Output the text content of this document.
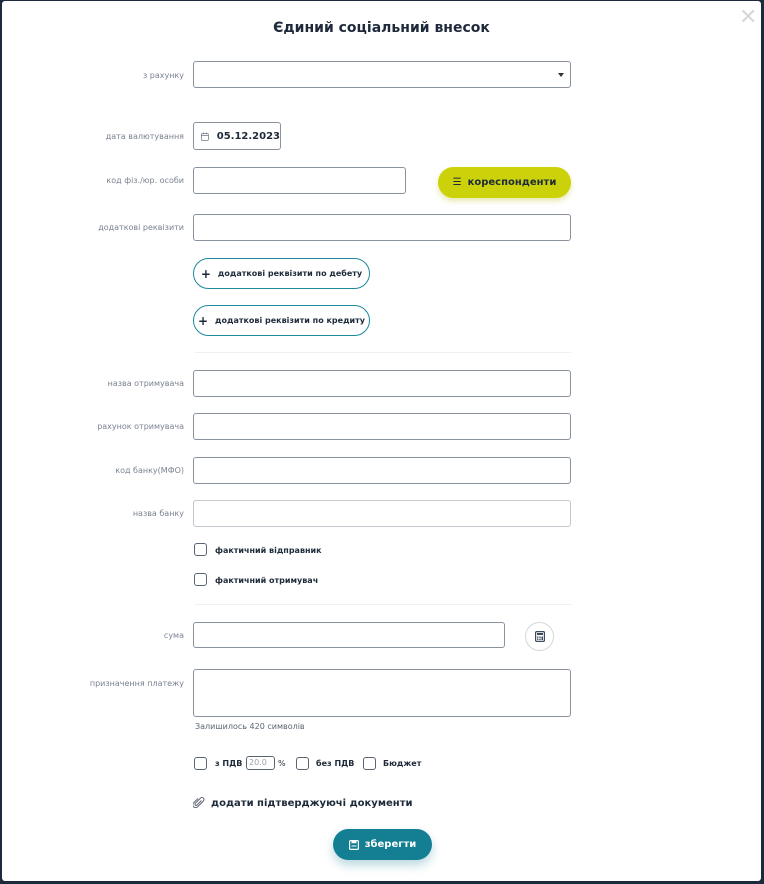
✕
Єдиний соціальний внесок
з рахунку
дата валютування	05.12.2023
код фіз./юр. особи	☰ кореспонденти
додаткові реквізити
+ додаткові реквізити по дебету
+ додаткові реквізити по кредиту
назва отримувача
рахунок отримувача
код банку(МФО)
назва банку
фактичний відправник
фактичний отримувач
сума
призначення платежу
Залишилось 420 символів
з ПДВ 20.0	%	без ПДВ	Бюджет
додати підтверджуючі документи
зберегти
